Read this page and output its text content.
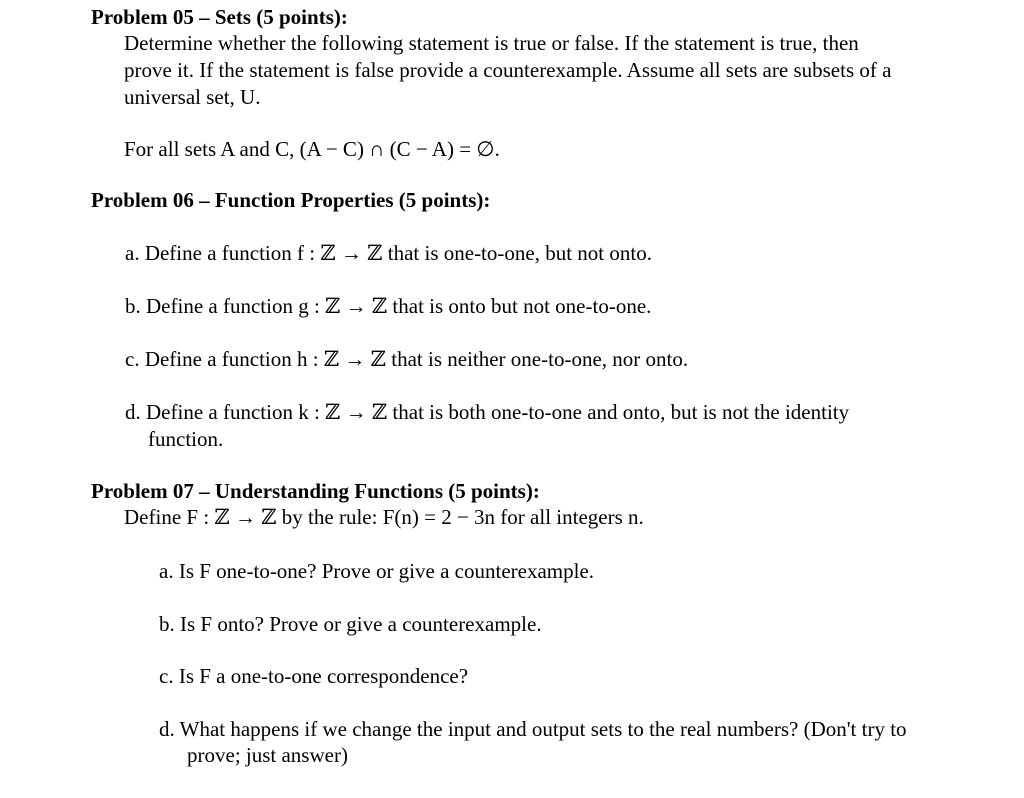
Problem 05 – Sets (5 points):
Determine whether the following statement is true or false. If the statement is true, then
prove it. If the statement is false provide a counterexample. Assume all sets are subsets of a
universal set, U.
For all sets A and C, (A − C) ∩ (C − A) = ∅.
Problem 06 – Function Properties (5 points):
a. Define a function f : ℤ → ℤ that is one-to-one, but not onto.
b. Define a function g : ℤ → ℤ that is onto but not one-to-one.
c. Define a function h : ℤ → ℤ that is neither one-to-one, nor onto.
d. Define a function k : ℤ → ℤ that is both one-to-one and onto, but is not the identity
function.
Problem 07 – Understanding Functions (5 points):
Define F : ℤ → ℤ by the rule: F(n) = 2 − 3n for all integers n.
a. Is F one-to-one? Prove or give a counterexample.
b. Is F onto? Prove or give a counterexample.
c. Is F a one-to-one correspondence?
d. What happens if we change the input and output sets to the real numbers? (Don't try to
prove; just answer)
